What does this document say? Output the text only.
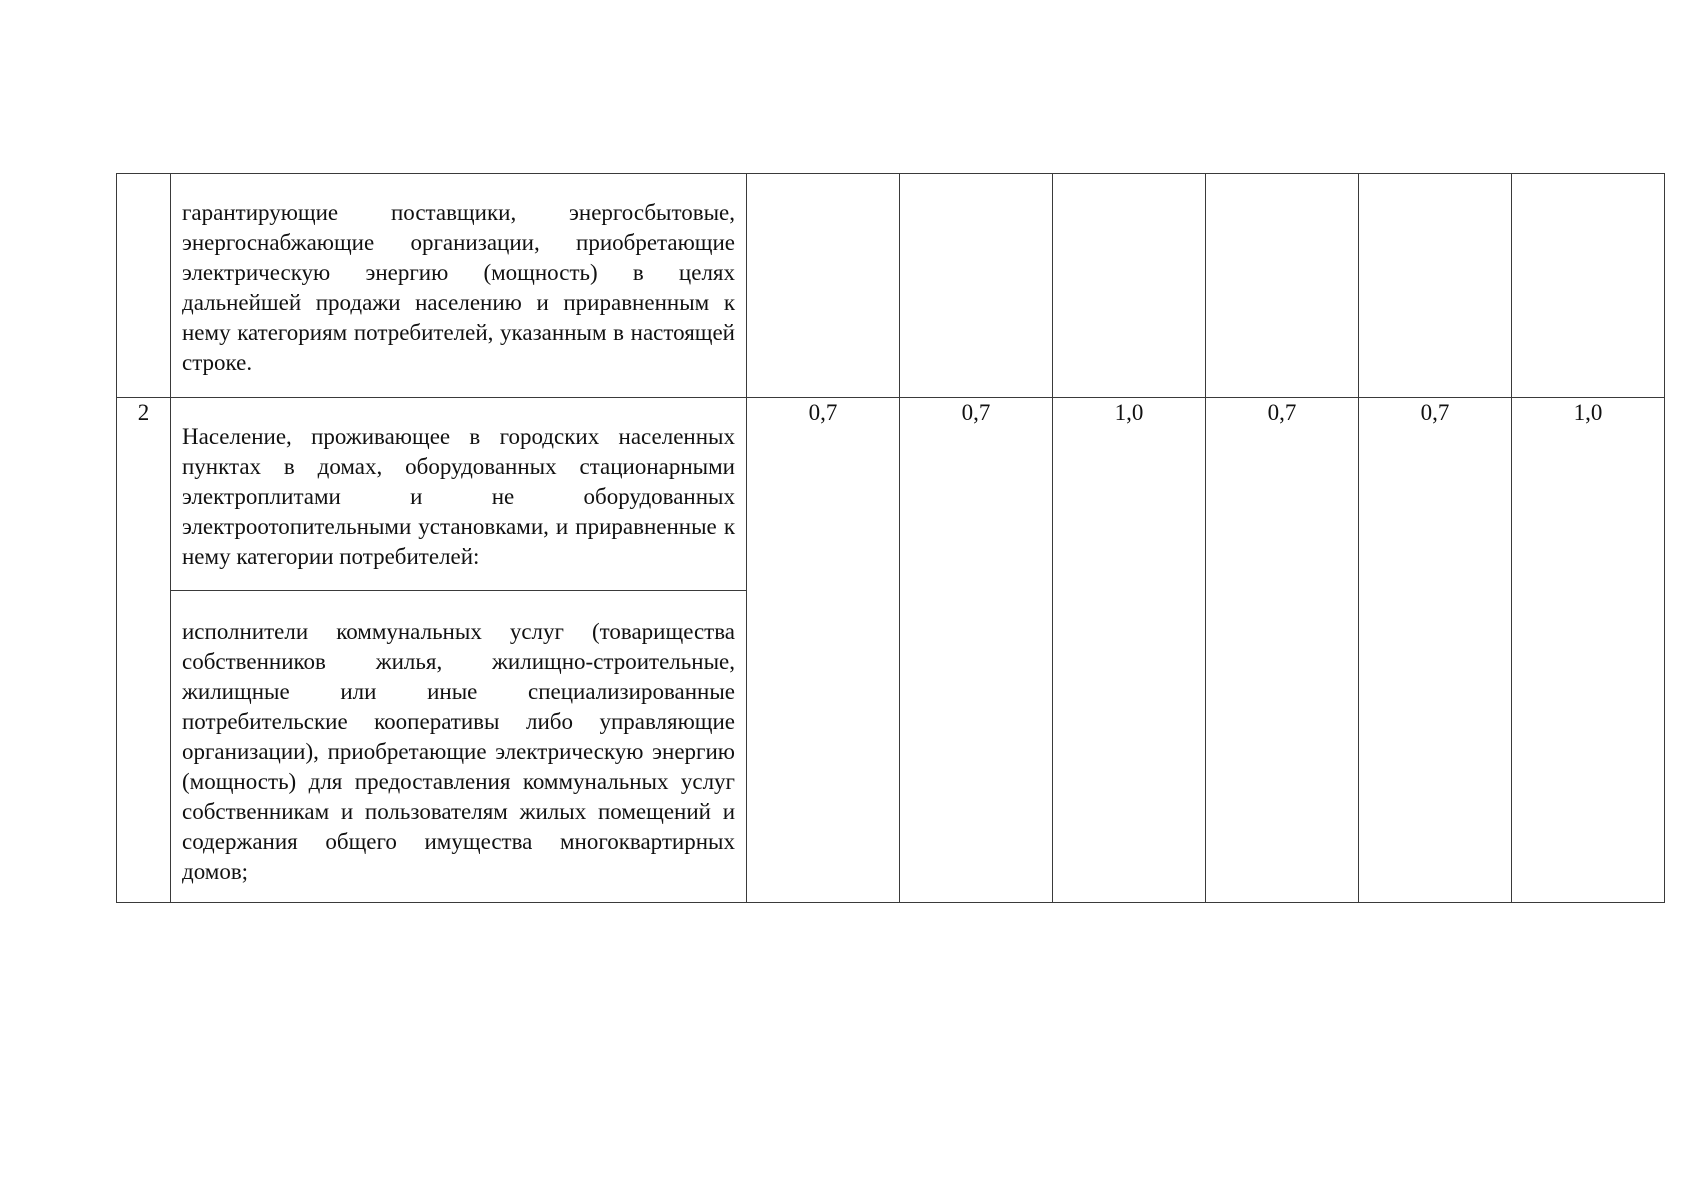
	гарантирующие поставщики, энергосбытовые, энергоснабжающие организации, приобретающие электрическую энергию (мощность) в целях дальнейшей продажи населению и приравненным к нему категориям потребителей, указанным в настоящей строке.						

2	Население, проживающее в городских населенных пунктах в домах, оборудованных стационарными электроплитами и не оборудованных электроотопительными установками, и приравненные к нему категории потребителей:	0,7	0,7	1,0	0,7	0,7	1,0

	исполнители коммунальных услуг (товарищества собственников жилья, жилищно-строительные, жилищные или иные специализированные потребительские кооперативы либо управляющие организации), приобретающие электрическую энергию (мощность) для предоставления коммунальных услуг собственникам и пользователям жилых помещений и содержания общего имущества многоквартирных домов;						
